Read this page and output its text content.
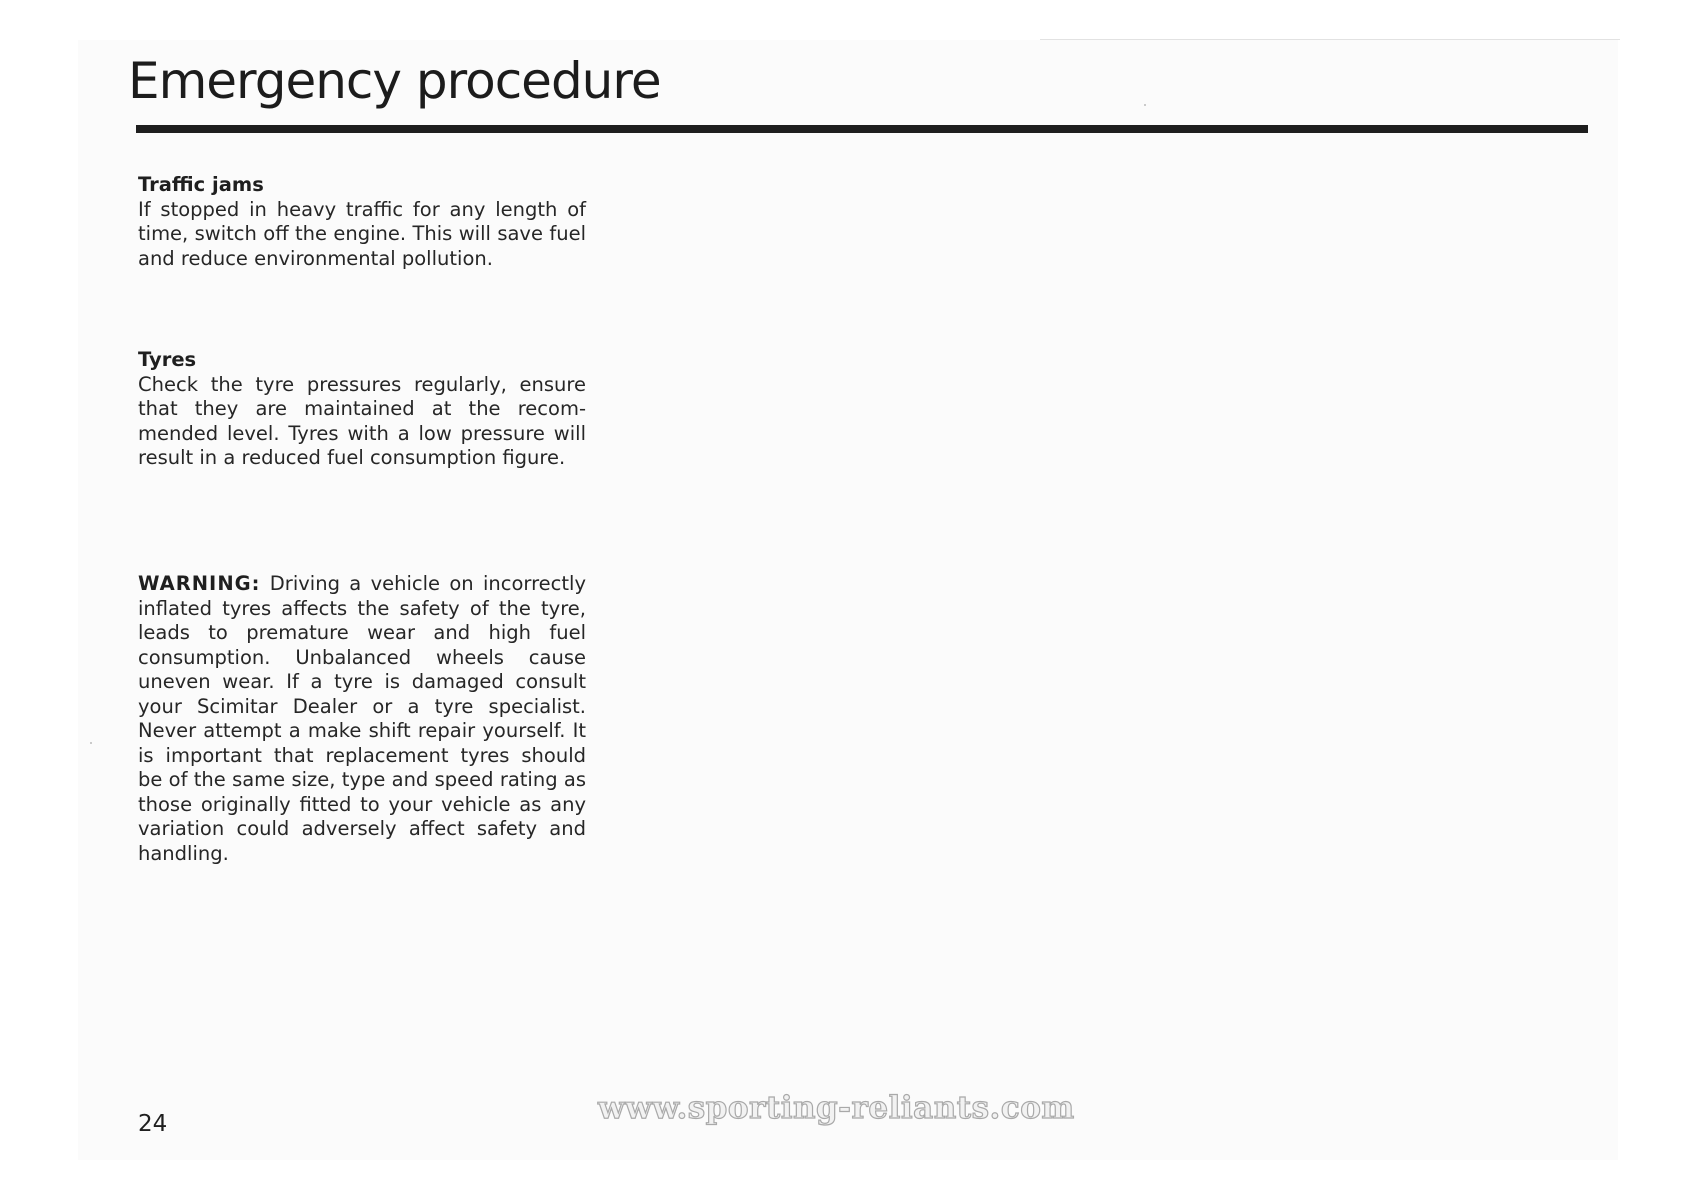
Emergency procedure
Traffic jams
If stopped in heavy traffic for any length of time, switch off the engine. This will save fuel and reduce environmental pollution.
Tyres
Check the tyre pressures regularly, ensure that they are maintained at the recommended level. Tyres with a low pressure will result in a reduced fuel consumption figure.
WARNING: Driving a vehicle on incorrectly inflated tyres affects the safety of the tyre, leads to premature wear and high fuel consumption. Unbalanced wheels cause uneven wear. If a tyre is damaged consult your Scimitar Dealer or a tyre specialist. Never attempt a make shift repair yourself. It is important that replacement tyres should be of the same size, type and speed rating as those originally fitted to your vehicle as any variation could adversely affect safety and handling.
24	www.sporting-reliants.com
